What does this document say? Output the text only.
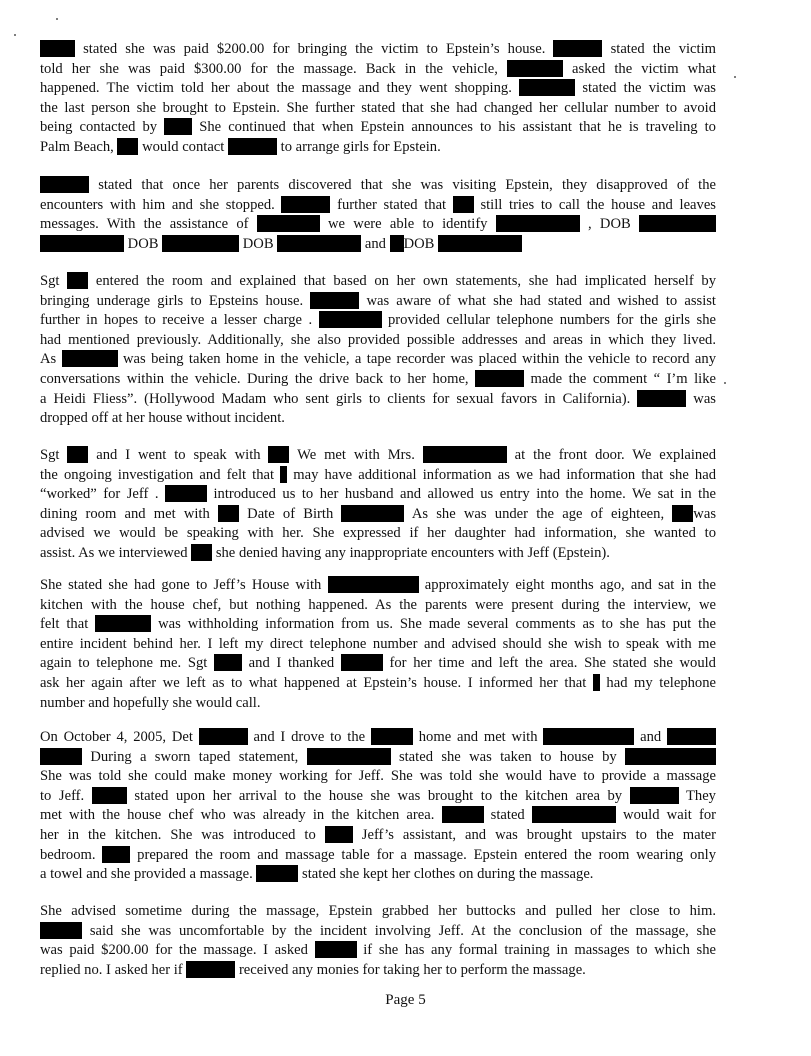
stated she was paid $200.00 for bringing the victim to Epstein’s house.	stated the victim
told her she was paid $300.00 for the massage. Back in the vehicle,	asked the victim what
happened. The victim told her about the massage and they went shopping.	stated the victim was
the last person she brought to Epstein. She further stated that she had changed her cellular number to avoid
being contacted by  She continued that when Epstein announces to his assistant that he is traveling to
Palm Beach,  would contact	to arrange girls for Epstein.
stated that once her parents discovered that she was visiting Epstein, they disapproved of the
encounters with him and she stopped.	further stated that  still tries to call the house and leaves
messages. With the assistance of	we were able to identify	, DOB
DOB	DOB	and DOB
Sgt  entered the room and explained that based on her own statements, she had implicated herself by
bringing underage girls to Epsteins house.	was aware of what she had stated and wished to assist
further in hopes to receive a lesser charge .	provided cellular telephone numbers for the girls she
had mentioned previously. Additionally, she also provided possible addresses and areas in which they lived.
As	was being taken home in the vehicle, a tape recorder was placed within the vehicle to record any
conversations within the vehicle. During the drive back to her home,	made the comment “ I’m like
a Heidi Fliess”. (Hollywood Madam who sent girls to clients for sexual favors in California).	was
dropped off at her house without incident.
Sgt  and I went to speak with  We met with Mrs.	at the front door. We explained
the ongoing investigation and felt that  may have additional information as we had information that she had
“worked” for Jeff .	introduced us to her husband and allowed us entry into the home. We sat in the
dining room and met with  Date of Birth	As she was under the age of eighteen, was
advised we would be speaking with her. She expressed if her daughter had information, she wanted to
assist. As we interviewed  she denied having any inappropriate encounters with Jeff (Epstein).
She stated she had gone to Jeff’s House with	approximately eight months ago, and sat in the
kitchen with the house chef, but nothing happened. As the parents were present during the interview, we
felt that	was withholding information from us. She made several comments as to she has put the
entire incident behind her. I left my direct telephone number and advised should she wish to speak with me
again to telephone me. Sgt  and I thanked	for her time and left the area. She stated she would
ask her again after we left as to what happened at Epstein’s house. I informed her that  had my telephone
number and hopefully she would call.
On October 4, 2005, Det	and I drove to the	home and met with	and
During a sworn taped statement,	stated she was taken to house by
She was told she could make money working for Jeff. She was told she would have to provide a massage
to Jeff.  stated upon her arrival to the house she was brought to the kitchen area by	They
met with the house chef who was already in the kitchen area.	stated	would wait for
her in the kitchen. She was introduced to  Jeff’s assistant, and was brought upstairs to the mater
bedroom.  prepared the room and massage table for a massage. Epstein entered the room wearing only
a towel and she provided a massage.	stated she kept her clothes on during the massage.
She advised sometime during the massage, Epstein grabbed her buttocks and pulled her close to him.
said she was uncomfortable by the incident involving Jeff. At the conclusion of the massage, she
was paid $200.00 for the massage. I asked	if she has any formal training in massages to which she
replied no. I asked her if	received any monies for taking her to perform the massage.
Page 5
